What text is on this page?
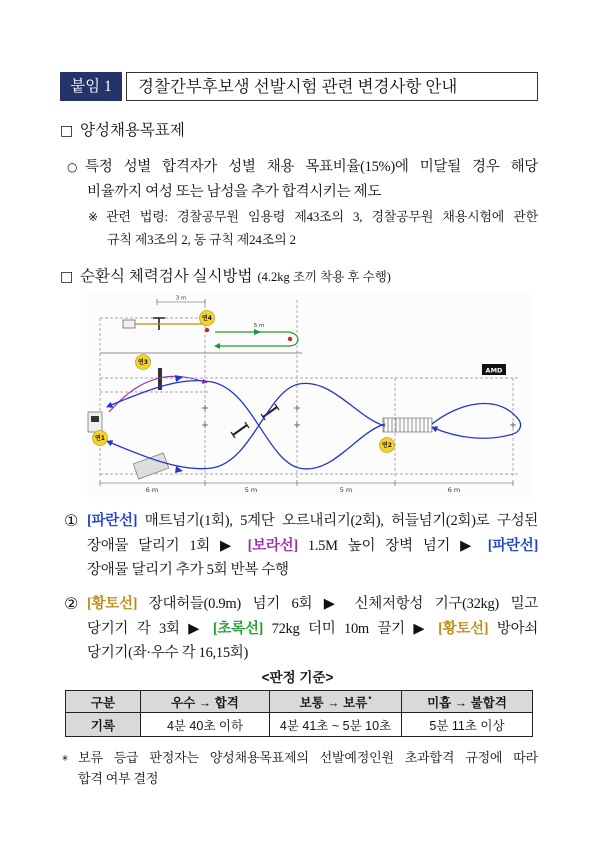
붙임 1	경찰간부후보생 선발시험 관련 변경사항 안내
□ 양성채용목표제
○ 특정 성별 합격자가 성별 채용 목표비율(15%)에 미달될 경우 해당
비율까지 여성 또는 남성을 추가 합격시키는 제도
※ 관련 법령: 경찰공무원 임용령 제43조의 3, 경찰공무원 채용시험에 관한
규칙 제3조의 2, 동 규칙 제24조의 2
□ 순환식 체력검사 실시방법 (4.2kg 조끼 착용 후 수행)
3 m
6 m	5 m	5 m	6 m
AMD
5 m
연4
연3
연1
연2
① [파란선] 매트넘기(1회), 5계단 오르내리기(2회), 허들넘기(2회)로 구성된
장애물 달리기 1회 ▶ [보라선] 1.5M 높이 장벽 넘기 ▶ [파란선]
장애물 달리기 추가 5회 반복 수행
② [황토선] 장대허들(0.9m) 넘기 6회 ▶ 신체저항성 기구(32kg) 밀고
당기기 각 3회 ▶ [초록선] 72kg 더미 10m 끌기 ▶ [황토선] 방아쇠
당기기(좌·우수 각 16,15회)
<판정 기준>
구분	우수 → 합격	보통 → 보류*	미흡 → 불합격
기록	4분 40초 이하	4분 41초 ~ 5분 10초	5분 11초 이상
* 보류 등급 판정자는 양성채용목표제의 선발예정인원 초과합격 규정에 따라
합격 여부 결정
